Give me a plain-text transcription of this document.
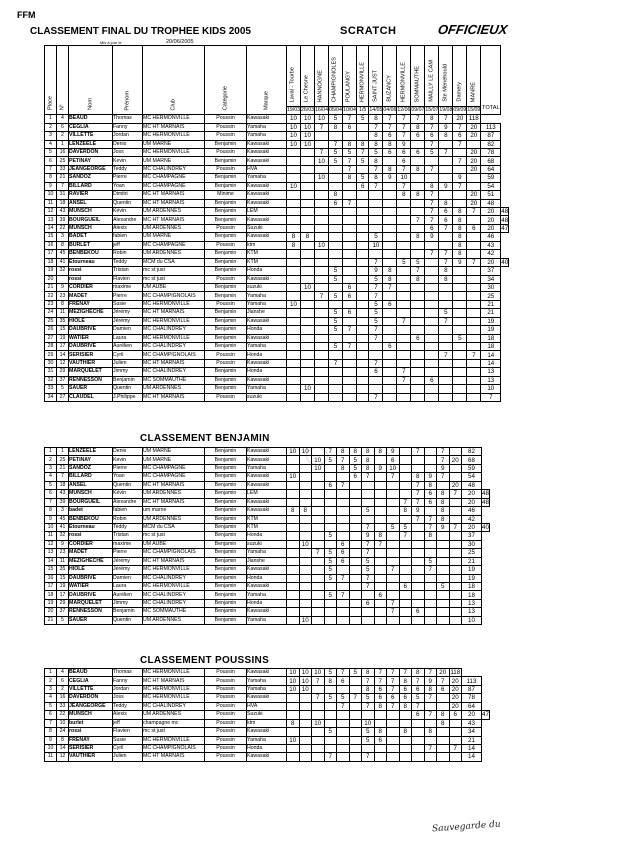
FFM
CLASSEMENT FINAL DU TROPHEE KIDS 2005	SCRATCH	OFFICIEUX
Mis à jour le	20/06/2005
Place	N°	Nom	Prénom	Club	Catégorie	Marque	Laval - Tourbe	Le Chesne	HANNOGNE	CHAMPIGNOLES	POULANGY	HERMONVILLE	SAINT JUST	BUZANCY	HERMONVILLE	SOMMAUTHE	MAILLY LE CAM	Ste Menehould	Damery	MANRE	TOTAL	

							19/03	26/03	16/04	05/04	10/04	1/5	14/05	04/06	12/06	09/07	15/07	19/08	09/09	15/09		
1	4	BEAUD	Thomas	MC HERMONVILLE	Poussin	Kawasaki	10	10	10	5	7	5	8	7	7	7	8	7	20	118		
2	6	CEGLIA	Fanny	MC HT MARNAIS	Poussin	Yamaha	10	10	7	8	6		7	7	7	8	7	9	7	20	113	
3	2	VILLETTE	Jordan	MC HERMONVILLE	Poussin	Yamaha	10	10					8	6	7	6	6	8	6	20	87	
4	1	LENZEELE	Denis	UM MARNE	Benjamin	Kawasaki	10	10		7	8	8	8	8	9		7		7		82	
5	16	DAVERDON	Joss	MC HERMONVILLE	Poussin	Kawasaki			7	5	5	7	5	6	6	6	5	7		20	78	
6	25	PETINAY	Kevin	UM MARNE	Benjamin	Kawasaki			10	5	7	5	8		6				7	20	68	
7	33	JEANGEORGE	Teddy	MC CHALINDREY	Poussin	HVA					7		7	8	7	8	7			20	64	
8	21	SANDOZ	Pierre	MC CHAMPAGNE	Benjamin	Yamaha			10		8	5	8	9	10				9		59	
9	7	BILLARD	Yoan	MC CHAMPAGNE	Benjamin	Kawasaki	10					6	7		7		8	9	7		54	
10	31	RAVIER	Dimitri	MC HT MARNAIS	Minime	Kawasaki				8					8	8	7			20	51	
11	18	ANSEL	Quentin	MC HT MARNAIS	Benjamin	Kawasaki				6	7						7	8		20	48	
12	43	MUNSCH	Kévin	UM ARDENNES	Benjamin	LEM											7	6	8	7	20	48
13	39	BOURGUEIL	Alexandre	MC HT MARNAIS	Benjamin	Kawasaki										7	7	6	8		20	48
14	22	MUNSCH	Alexis	UM ARDENNES	Poussin	Suzuki											6	7	8	6	20	47
15	3	BADET	fabien	UM MARNE	Benjamin	Kawasaki	8	8					5			8	9		8		46	
16	8	BURLET	jeff	MC CHAMPAGNE	Poussin	ktm	8		10				10						8		43	
17	45	BENBEKOU	Robin	UM ARDENNES	Benjamin	KTM											7	7	8		42	
18	41	Etourneau	Teddy	MCM du CSA	Benjamin	KTM							7		5	5		7	9	7	20	40
19	32	rossi	Tristan	mc st just	Benjamin	Honda				5			9	8		7		8			37	
20		rossi	Flavien	mc st just	Poussin	Kawasaki				5			5	8		8		8			34	
21	9	CORDIER	maxime	UM AUBE	Benjamin	suzuki		10			6		7	7							30	
22	23	MADET	Pierre	MC CHAMPIGNOLAIS	Benjamin	Yamaha			7	5	6		7								25	
23	8	FRENAY	Susie	MC HERMONVILLE	Poussin	Yamaha	10						5	6							21	
24	11	MEZIGHECHE	Jérémy	MC HT MARNAIS	Benjamin	Jianshe				5	6		5					5			21	
25	35	HIOLE	Jérémy	MC HERMONVILLE	Benjamin	Kawasaki				5			5		7			7			19	
26	15	DAUBRIVE	Damien	MC CHALINDREY	Benjamin	Honda				5	7		7								19	
27	19	WATIER	Laura	MC HERMONVILLE	Benjamin	Kawasaki							7			6			5		18	
28	17	DAUBRIVE	Aurélien	MC CHALINDREY	Benjamin	Yamaha				5	7			6							18	
29	14	SERISIER	Cyril	MC CHAMPIGNOLAIS	Poussin	Honda												7		7	14	
30	12	VAUTHIER	Julien	MC HT MARNAIS	Poussin	Kawasaki				7			7								14	
31	29	MARQUELET	Jimmy	MC CHALINDREY	Benjamin	Honda							6		7						13	
32	37	RENNESSON	Benjamin	MC SOMMAUTHE	Benjamin	Kawasaki									7		6				13	
33	5	SAUER	Quentin	UM ARDENNES	Benjamin	Yamaha		10													10	
34	27	CLAUDEL	J.Philippe	MC HT MARNAIS	Poussin	suzuki							7								7	
CLASSEMENT BENJAMIN
1	1	LENZEELE	Denis	UM MARNE	Benjamin	Kawasaki	10	10		7	8	8	8	8	9		7		7		82	
2	25	PETINAY	Kevin	UM MARNE	Benjamin	Kawasaki			10	5	7	5	8		6				7	20	68	
3	21	SANDOZ	Pierre	MC CHAMPAGNE	Benjamin	Yamaha			10		8	5	8	9	10				9		59	
4	7	BILLARD	Yoan	MC CHAMPAGNE	Benjamin	Kawasaki	10					6	7		7		8	9	7		54	
5	18	ANSEL	Quentin	MC HT MARNAIS	Benjamin	Kawasaki				6	7						7	8		20	48	
6	43	MUNSCH	Kévin	UM ARDENNES	Benjamin	LEM											7	6	8	7	20	48
7	39	BOURGUEIL	Alexandre	MC HT MARNAIS	Benjamin	Kawasaki										7	7	6	8		20	48
8	3	badet	fabien	um marne	Benjamin	Kawasaki	8	8					5			8	9		8		46	
9	45	BENBEKOU	Robin	UM ARDENNES	Benjamin	KTM											7	7	8		42	
10	41	Etourneau	Teddy	MCM du CSA	Benjamin	KTM							7		5	5		7	9	7	20	40
11	32	rossi	Tristan	mc st just	Benjamin	Honda				5			9	8		7		8			37	
12	9	CORDIER	maxime	UM AUBE	Benjamin	suzuki		10			6		7	7							30	
13	23	MADET	Pierre	MC CHAMPIGNOLAIS	Benjamin	Yamaha			7	5	6		7								25	
14	11	MEZIGHECHE	Jérémy	MC HT MARNAIS	Benjamin	Jianshe				5	6		5					5			21	
15	35	HIOLE	Jérémy	MC HERMONVILLE	Benjamin	Kawasaki				5			5		7			7			19	
16	15	DAUBRIVE	Damien	MC CHALINDREY	Benjamin	Honda				5	7		7								19	
17	19	WATIER	Laura	MC HERMONVILLE	Benjamin	Kawasaki							7			6			5		18	
18	17	DAUBRIVE	Aurélien	MC CHALINDREY	Benjamin	Yamaha				5	7			6							18	
19	29	MARQUELET	Jimmy	MC CHALINDREY	Benjamin	Honda							6		7						13	
20	37	RENNESSON	Benjamin	MC SOMMAUTHE	Benjamin	Kawasaki									7		6				13	
21	5	SAUER	Quentin	UM ARDENNES	Benjamin	Yamaha		10													10	
CLASSEMENT POUSSINS
1	4	BEAUD	Thomas	MC HERMONVILLE	Poussin	Kawasaki	10	10	10	5	7	5	8	7	7	7	8	7	20	118		
2	6	CEGLIA	Fanny	MC HT MARNAIS	Poussin	Yamaha	10	10	7	8	6		7	7	7	8	7	9	7	20	113	
3	2	VILLETTE	Jordan	MC HERMONVILLE	Poussin	Yamaha	10	10					8	6	7	6	6	8	6	20	87	
4	16	DAVERDON	Joss	MC HERMONVILLE	Poussin	Kawasaki			7	5	5	7	5	6	6	6	5	7		20	78	
5	33	JEANGEORGE	Teddy	MC CHALINDREY	Poussin	HVA					7		7	8	7	8	7			20	64	
6	22	MUNSCH	Alexis	UM ARDENNES	Poussin	Suzuki											6	7	8	6	20	47
7	10	burlet	jeff	champagne mc	Poussin	ktm	8		10				10						8		43	
8	24	rossi	Flavien	mc st just	Poussin	Kawasaki				5			5	8		8		8			34	
9	8	FRENAY	Susie	MC HERMONVILLE	Poussin	Yamaha	10						5	6							21	
10	14	SERISIER	Cyril	MC CHAMPIGNOLAIS	Poussin	Honda												7		7	14	
11	12	VAUTHIER	Julien	MC HT MARNAIS	Poussin	Kawasaki				7			7								14	
Sauvegarde du
